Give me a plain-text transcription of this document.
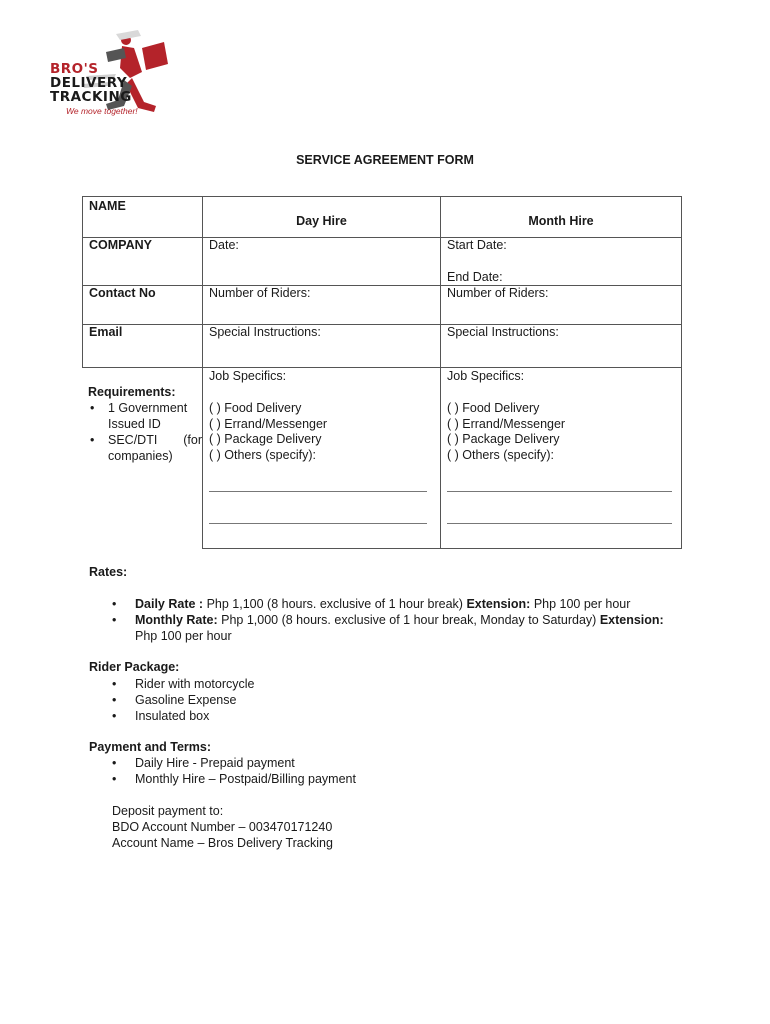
BRO'S
DELIVERY
TRACKING
We move together!
SERVICE AGREEMENT FORM
NAME
COMPANY
Contact No
Email
Day Hire	Month Hire
Date:
Number of Riders:
Special Instructions:
Job Specifics:
Start Date:
End Date:
Number of Riders:
Special Instructions:
Job Specifics:
( ) Food Delivery
( ) Errand/Messenger
( ) Package Delivery
( ) Others (specify):
( ) Food Delivery
( ) Errand/Messenger
( ) Package Delivery
( ) Others (specify):
Requirements:
• 1 Government
Issued ID
• SEC/DTI (for
companies)
Rates:
• Daily Rate : Php 1,100 (8 hours. exclusive of 1 hour break) Extension: Php 100 per hour
• Monthly Rate: Php 1,000 (8 hours. exclusive of 1 hour break, Monday to Saturday) Extension:
Php 100 per hour
Rider Package:
• Rider with motorcycle
• Gasoline Expense
• Insulated box
Payment and Terms:
• Daily Hire - Prepaid payment
• Monthly Hire – Postpaid/Billing payment
Deposit payment to:
BDO Account Number – 003470171240
Account Name – Bros Delivery Tracking
